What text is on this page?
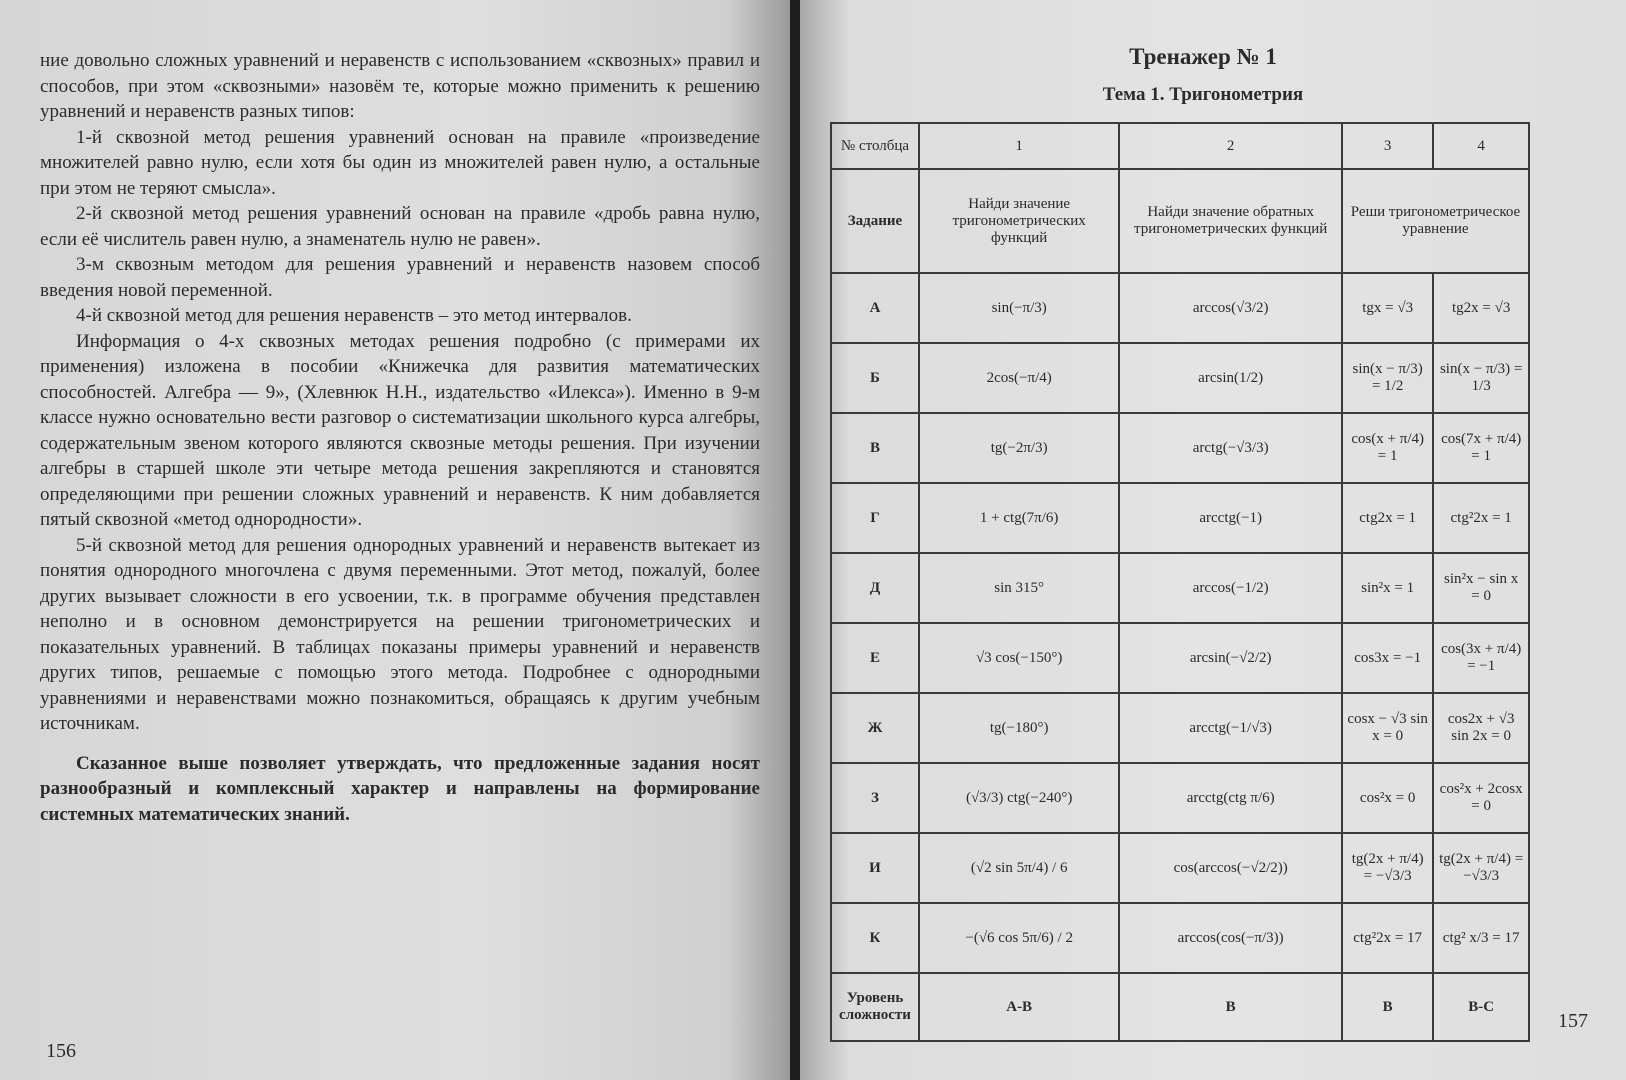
ние довольно сложных уравнений и неравенств с использованием «сквозных» правил и способов, при этом «сквозными» назовём те, которые можно применить к решению уравнений и неравенств разных типов:

1-й сквозной метод решения уравнений основан на правиле «произведение множителей равно нулю, если хотя бы один из множителей равен нулю, а остальные при этом не теряют смысла».

2-й сквозной метод решения уравнений основан на правиле «дробь равна нулю, если её числитель равен нулю, а знаменатель нулю не равен».

3-м сквозным методом для решения уравнений и неравенств назовем способ введения новой переменной.

4-й сквозной метод для решения неравенств – это метод интервалов.

Информация о 4-х сквозных методах решения подробно (с примерами их применения) изложена в пособии «Книжечка для развития математических способностей. Алгебра — 9», (Хлевнюк Н.Н., издательство «Илекса»). Именно в 9-м классе нужно основательно вести разговор о систематизации школьного курса алгебры, содержательным звеном которого являются сквозные методы решения. При изучении алгебры в старшей школе эти четыре метода решения закрепляются и становятся определяющими при решении сложных уравнений и неравенств. К ним добавляется пятый сквозной «метод однородности».

5-й сквозной метод для решения однородных уравнений и неравенств вытекает из понятия однородного многочлена с двумя переменными. Этот метод, пожалуй, более других вызывает сложности в его усвоении, т.к. в программе обучения представлен неполно и в основном демонстрируется на решении тригонометрических и показательных уравнений. В таблицах показаны примеры уравнений и неравенств других типов, решаемые с помощью этого метода. Подробнее с однородными уравнениями и неравенствами можно познакомиться, обращаясь к другим учебным источникам.

Сказанное выше позволяет утверждать, что предложенные задания носят разнообразный и комплексный характер и направлены на формирование системных математических знаний.

156
Тренажер № 1
Тема 1. Тригонометрия
№ столбца	1	2	3	4
Задание	Найди значение тригонометрических функций	Найди значение обратных тригонометрических функций	Реши тригонометрическое уравнение	
А	sin(−π/3)	arccos(√3/2)	tgx = √3	tg2x = √3
Б	2cos(−π/4)	arcsin(1/2)	sin(x − π/3) = 1/2	sin(x − π/3) = 1/3
В	tg(−2π/3)	arctg(−√3/3)	cos(x + π/4) = 1	cos(7x + π/4) = 1
Г	1 + ctg(7π/6)	arcctg(−1)	ctg2x = 1	ctg²2x = 1
Д	sin 315°	arccos(−1/2)	sin²x = 1	sin²x − sin x = 0
Е	√3 cos(−150°)	arcsin(−√2/2)	cos3x = −1	cos(3x + π/4) = −1
Ж	tg(−180°)	arcctg(−1/√3)	cosx − √3 sin x = 0	cos2x + √3 sin 2x = 0
З	(√3/3) ctg(−240°)	arcctg(ctg π/6)	cos²x = 0	cos²x + 2cosx = 0
И	(√2 sin 5π/4) / 6	cos(arccos(−√2/2))	tg(2x + π/4) = −√3/3	tg(2x + π/4) = −√3/3
К	−(√6 cos 5π/6) / 2	arccos(cos(−π/3))	ctg²2x = 17	ctg² x/3 = 17
Уровень сложности	А-В	В	В	В-С
157
